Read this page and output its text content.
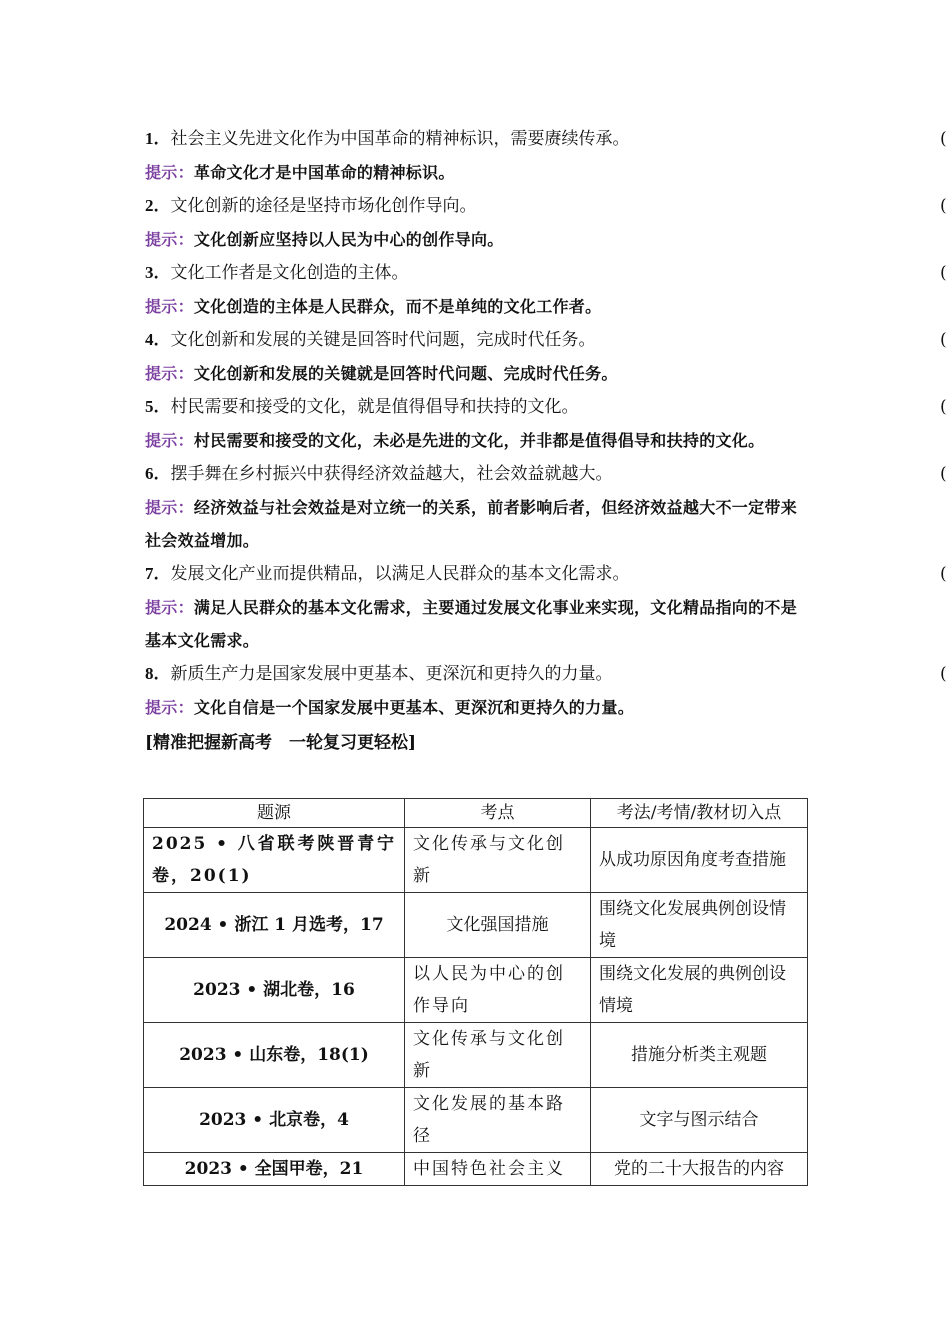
1．社会主义先进文化作为中国革命的精神标识，需要赓续传承。	(
提示：革命文化才是中国革命的精神标识。
2．文化创新的途径是坚持市场化创作导向。	(
提示：文化创新应坚持以人民为中心的创作导向。
3．文化工作者是文化创造的主体。	(
提示：文化创造的主体是人民群众，而不是单纯的文化工作者。
4．文化创新和发展的关键是回答时代问题，完成时代任务。	(
提示：文化创新和发展的关键就是回答时代问题、完成时代任务。
5．村民需要和接受的文化，就是值得倡导和扶持的文化。	(
提示：村民需要和接受的文化，未必是先进的文化，并非都是值得倡导和扶持的文化。
6．摆手舞在乡村振兴中获得经济效益越大，社会效益就越大。	(
提示：经济效益与社会效益是对立统一的关系，前者影响后者，但经济效益越大不一定带来社会效益增加。
7．发展文化产业而提供精品，以满足人民群众的基本文化需求。	(
提示：满足人民群众的基本文化需求，主要通过发展文化事业来实现，文化精品指向的不是基本文化需求。
8．新质生产力是国家发展中更基本、更深沉和更持久的力量。	(
提示：文化自信是一个国家发展中更基本、更深沉和更持久的力量。
[精准把握新高考　一轮复习更轻松]
题源	考点	考法/考情/教材切入点
2025 • 八省联考陕晋青宁卷，20(1)	文化传承与文化创新	从成功原因角度考查措施
2024 • 浙江 1 月选考，17	文化强国措施	围绕文化发展典例创设情境
2023 • 湖北卷，16	以人民为中心的创作导向	围绕文化发展的典例创设情境
2023 • 山东卷，18(1)	文化传承与文化创新	措施分析类主观题
2023 • 北京卷，4	文化发展的基本路径	文字与图示结合
2023 • 全国甲卷，21	中国特色社会主义	党的二十大报告的内容
